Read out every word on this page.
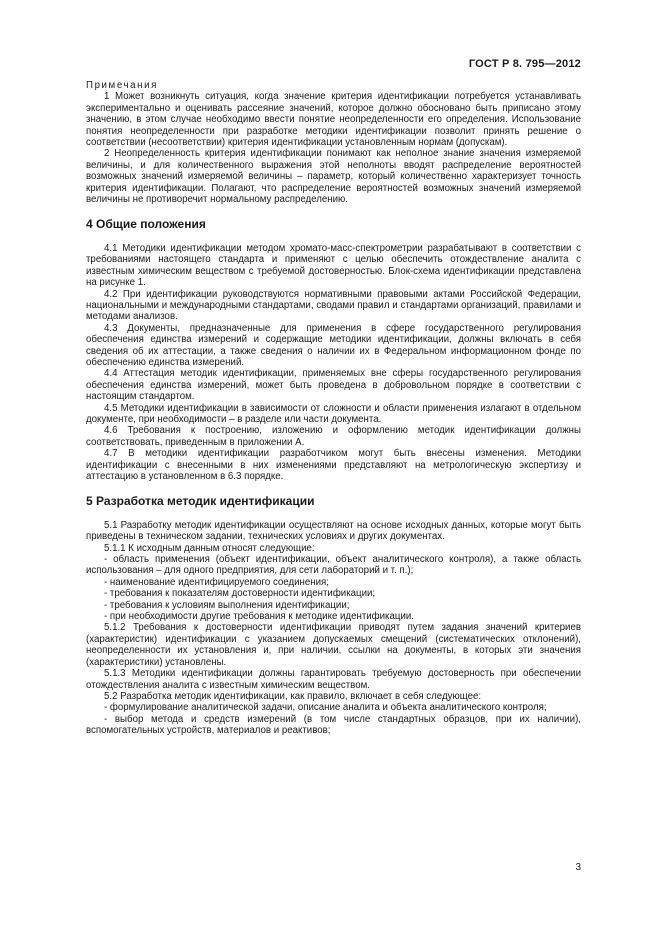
ГОСТ Р 8. 795—2012

Примечания

1 Может возникнуть ситуация, когда значение критерия идентификации потребуется устанавливать экспериментально и оценивать рассеяние значений, которое должно обосновано быть приписано этому значению, в этом случае необходимо ввести понятие неопределенности его определения. Использование понятия неопределенности при разработке методики идентификации позволит принять решение о соответствии (несоответствии) критерия идентификации установленным нормам (допускам).

2 Неопределенность критерия идентификации понимают как неполное знание значения измеряемой величины, и для количественного выражения этой неполноты вводят распределение вероятностей возможных значений измеряемой величины – параметр, который количественно характеризует точность критерия идентификации. Полагают, что распределение вероятностей возможных значений измеряемой величины не противоречит нормальному распределению.

4 Общие положения

4.1 Методики идентификации методом хромато-масс-спектрометрии разрабатывают в соответствии с требованиями настоящего стандарта и применяют с целью обеспечить отождествление аналита с известным химическим веществом с требуемой достоверностью. Блок-схема идентификации представлена на рисунке 1.

4.2 При идентификации руководствуются нормативными правовыми актами Российской Федерации, национальными и международными стандартами, сводами правил и стандартами организаций, правилами и методами анализов.

4.3 Документы, предназначенные для применения в сфере государственного регулирования обеспечения единства измерений и содержащие методики идентификации, должны включать в себя сведения об их аттестации, а также сведения о наличии их в Федеральном информационном фонде по обеспечению единства измерений.

4.4 Аттестация методик идентификации, применяемых вне сферы государственного регулирования обеспечения единства измерений, может быть проведена в добровольном порядке в соответствии с настоящим стандартом.

4.5 Методики идентификации в зависимости от сложности и области применения излагают в отдельном документе, при необходимости – в разделе или части документа.

4.6 Требования к построению, изложению и оформлению методик идентификации должны соответствовать, приведенным в приложении А.

4.7 В методики идентификации разработчиком могут быть внесены изменения. Методики идентификации с внесенными в них изменениями представляют на метрологическую экспертизу и аттестацию в установленном в 6.3 порядке.

5 Разработка методик идентификации

5.1 Разработку методик идентификации осуществляют на основе исходных данных, которые могут быть приведены в техническом задании, технических условиях и других документах.

5.1.1 К исходным данным относят следующие:

- область применения (объект идентификации, объект аналитического контроля), а также область использования – для одного предприятия, для сети лабораторий и т. п.);

- наименование идентифицируемого соединения;

- требования к показателям достоверности идентификации;

- требования к условиям выполнения идентификации;

- при необходимости другие требования к методике идентификации.

5.1.2 Требования к достоверности идентификации приводят путем задания значений критериев (характеристик) идентификации с указанием допускаемых смещений (систематических отклонений), неопределенности их установления и, при наличии, ссылки на документы, в которых эти значения (характеристики) установлены.

5.1.3 Методики идентификации должны гарантировать требуемую достоверность при обеспечении отождествления аналита с известным химическим веществом.

5.2 Разработка методик идентификации, как правило, включает в себя следующее:

- формулирование аналитической задачи, описание аналита и объекта аналитического контроля;

- выбор метода и средств измерений (в том числе стандартных образцов, при их наличии), вспомогательных устройств, материалов и реактивов;

3
